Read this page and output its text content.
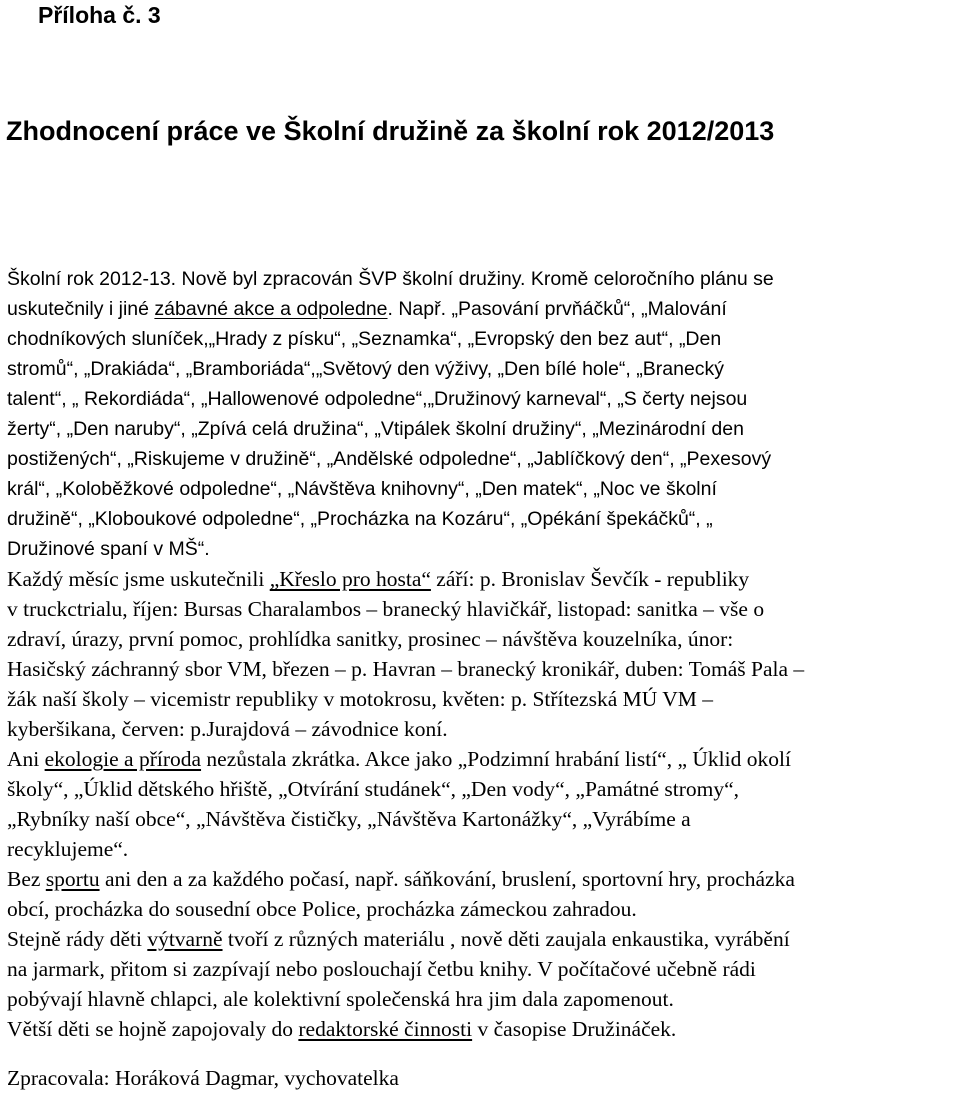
Příloha č. 3
Zhodnocení práce ve Školní družině za školní rok 2012/2013
Školní rok 2012-13. Nově byl zpracován ŠVP školní družiny. Kromě celoročního plánu se
uskutečnily i jiné zábavné akce a odpoledne. Např. „Pasování prvňáčků“, „Malování
chodníkových sluníček,„Hrady z písku“, „Seznamka“, „Evropský den bez aut“, „Den
stromů“, „Drakiáda“, „Bramboriáda“,„Světový den výživy, „Den bílé hole“, „Branecký
talent“, „ Rekordiáda“, „Hallowenové odpoledne“,„Družinový karneval“, „S čerty nejsou
žerty“, „Den naruby“, „Zpívá celá družina“, „Vtipálek školní družiny“, „Mezinárodní den
postižených“, „Riskujeme v družině“, „Andělské odpoledne“, „Jablíčkový den“, „Pexesový
král“, „Koloběžkové odpoledne“, „Návštěva knihovny“, „Den matek“, „Noc ve školní
družině“, „Kloboukové odpoledne“, „Procházka na Kozáru“, „Opékání špekáčků“, „
Družinové spaní v MŠ“.
Každý měsíc jsme uskutečnili „Křeslo pro hosta“ září: p. Bronislav Ševčík - republiky
v truckctrialu, říjen: Bursas Charalambos – branecký hlavičkář, listopad: sanitka – vše o
zdraví, úrazy, první pomoc, prohlídka sanitky, prosinec – návštěva kouzelníka, únor:
Hasičský záchranný sbor VM, březen – p. Havran – branecký kronikář, duben: Tomáš Pala –
žák naší školy – vicemistr republiky v motokrosu, květen: p. Střítezská MÚ VM –
kyberšikana, červen: p.Jurajdová – závodnice koní.
Ani ekologie a příroda nezůstala zkrátka. Akce jako „Podzimní hrabání listí“, „ Úklid okolí
školy“, „Úklid dětského hřiště, „Otvírání studánek“, „Den vody“, „Památné stromy“,
„Rybníky naší obce“, „Návštěva čističky, „Návštěva Kartonážky“, „Vyrábíme a
recyklujeme“.
Bez sportu ani den a za každého počasí, např. sáňkování, bruslení, sportovní hry, procházka
obcí, procházka do sousední obce Police, procházka zámeckou zahradou.
Stejně rády děti výtvarně tvoří z různých materiálu , nově děti zaujala enkaustika, vyrábění
na jarmark, přitom si zazpívají nebo poslouchají četbu knihy. V počítačové učebně rádi
pobývají hlavně chlapci, ale kolektivní společenská hra jim dala zapomenout.
Větší děti se hojně zapojovaly do redaktorské činnosti v časopise Družináček.

Zpracovala: Horáková Dagmar, vychovatelka
